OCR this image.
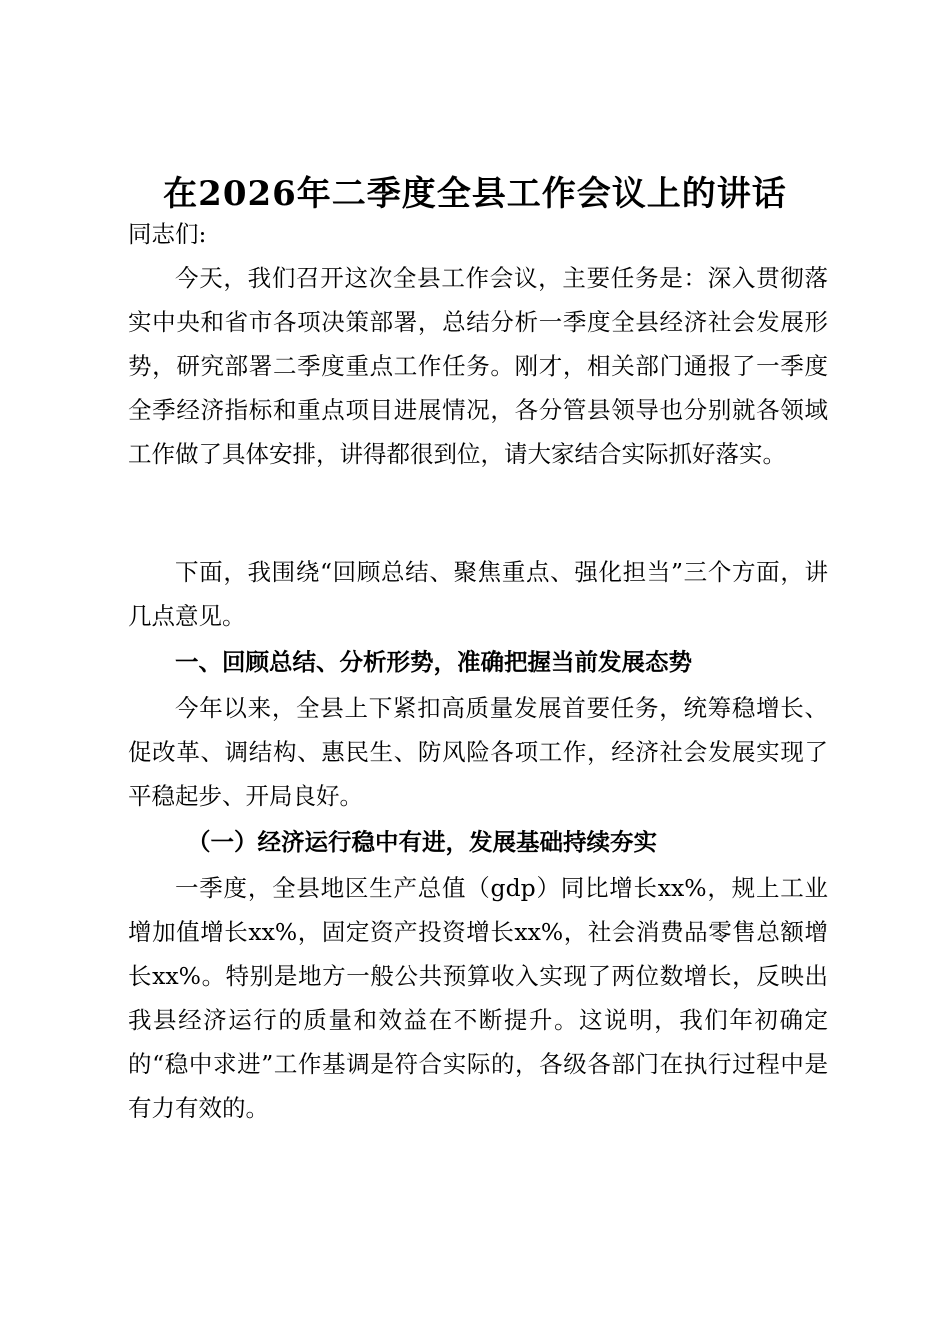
在2026年二季度全县工作会议上的讲话
同志们:
今天，我们召开这次全县工作会议，主要任务是：深入贯彻落实中央和省市各项决策部署，总结分析一季度全县经济社会发展形势，研究部署二季度重点工作任务。刚才，相关部门通报了一季度全季经济指标和重点项目进展情况，各分管县领导也分别就各领域工作做了具体安排，讲得都很到位，请大家结合实际抓好落实。
下面，我围绕“回顾总结、聚焦重点、强化担当”三个方面，讲几点意见。
一、回顾总结、分析形势，准确把握当前发展态势
今年以来，全县上下紧扣高质量发展首要任务，统筹稳增长、促改革、调结构、惠民生、防风险各项工作，经济社会发展实现了平稳起步、开局良好。
（一）经济运行稳中有进，发展基础持续夯实
一季度，全县地区生产总值（gdp）同比增长xx%，规上工业增加值增长xx%，固定资产投资增长xx%，社会消费品零售总额增长xx%。特别是地方一般公共预算收入实现了两位数增长，反映出我县经济运行的质量和效益在不断提升。这说明，我们年初确定的“稳中求进”工作基调是符合实际的，各级各部门在执行过程中是有力有效的。
